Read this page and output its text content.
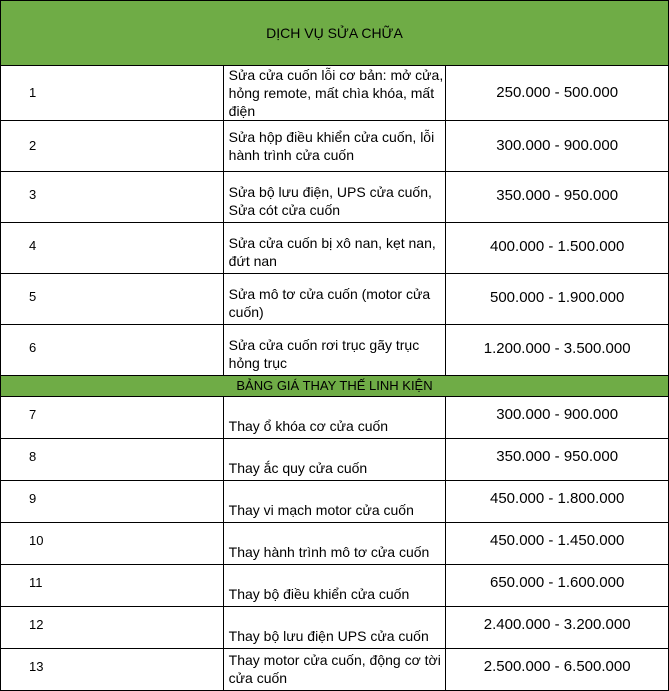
DỊCH VỤ SỬA CHỮA		
1	Sửa cửa cuốn lỗi cơ bản: mở cửa, hỏng remote, mất chìa khóa, mất điện	250.000 - 500.000
2	Sửa hộp điều khiển cửa cuốn, lỗi hành trình cửa cuốn	300.000 - 900.000
3	Sửa bộ lưu điện, UPS cửa cuốn, Sửa cót cửa cuốn	350.000 - 950.000
4	Sửa cửa cuốn bị xô nan, kẹt nan, đứt nan	400.000 - 1.500.000
5	Sửa mô tơ cửa cuốn (motor cửa cuốn)	500.000 - 1.900.000
6	Sửa cửa cuốn rơi trục gãy trục hỏng trục	1.200.000 - 3.500.000
BẢNG GIÁ THAY THẾ LINH KIỆN		
7	Thay ổ khóa cơ cửa cuốn	300.000 - 900.000
8	Thay ắc quy cửa cuốn	350.000 - 950.000
9	Thay vi mạch motor cửa cuốn	450.000 - 1.800.000
10	Thay hành trình mô tơ cửa cuốn	450.000 - 1.450.000
11	Thay bộ điều khiển cửa cuốn	650.000 - 1.600.000
12	Thay bộ lưu điện UPS cửa cuốn	2.400.000 - 3.200.000
13	Thay motor cửa cuốn, động cơ tời cửa cuốn	2.500.000 - 6.500.000
